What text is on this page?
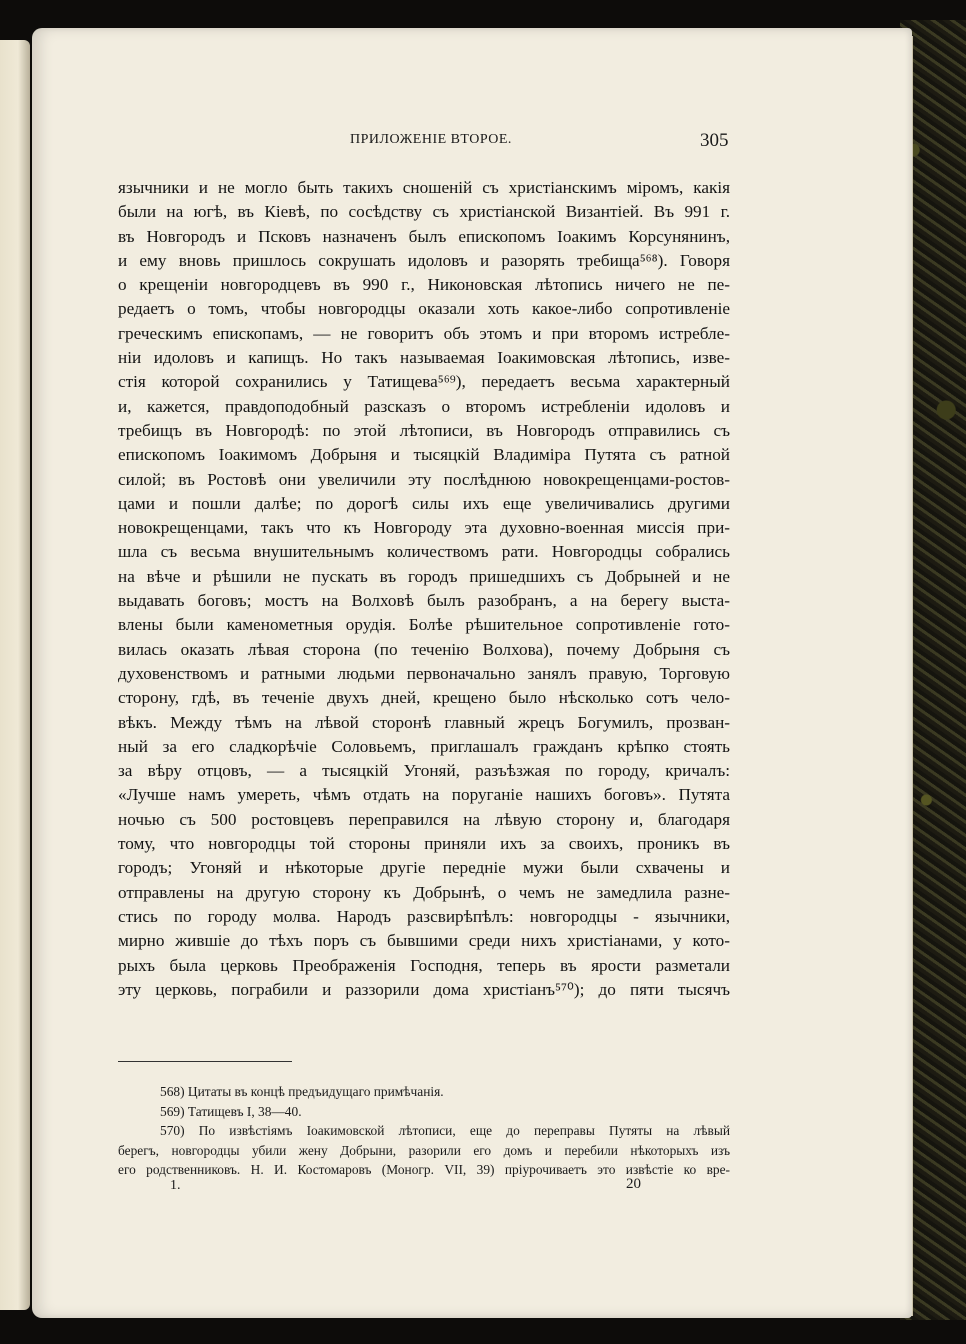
ПРИЛОЖЕНІЕ ВТОРОЕ.	305
язычники и не могло быть такихъ сношеній съ христіанскимъ міромъ, какія
были на югѣ, въ Кіевѣ, по сосѣдству съ христіанской Византіей. Въ 991 г.
въ Новгородъ и Псковъ назначенъ былъ епископомъ Іоакимъ Корсунянинъ,
и ему вновь пришлось сокрушать идоловъ и разорять требища⁵⁶⁸). Говоря
о крещеніи новгородцевъ въ 990 г., Никоновская лѣтопись ничего не пе-
редаетъ о томъ, чтобы новгородцы оказали хоть какое-либо сопротивленіе
греческимъ епископамъ, — не говоритъ объ этомъ и при второмъ истребле-
ніи идоловъ и капищъ. Но такъ называемая Іоакимовская лѣтопись, изве-
стія которой сохранились у Татищева⁵⁶⁹), передаетъ весьма характерный
и, кажется, правдоподобный разсказъ о второмъ истребленіи идоловъ и
требищъ въ Новгородѣ: по этой лѣтописи, въ Новгородъ отправились съ
епископомъ Іоакимомъ Добрыня и тысяцкій Владиміра Путята съ ратной
силой; въ Ростовѣ они увеличили эту послѣднюю новокрещенцами-ростов-
цами и пошли далѣе; по дорогѣ силы ихъ еще увеличивались другими
новокрещенцами, такъ что къ Новгороду эта духовно-военная миссія при-
шла съ весьма внушительнымъ количествомъ рати. Новгородцы собрались
на вѣче и рѣшили не пускать въ городъ пришедшихъ съ Добрыней и не
выдавать боговъ; мостъ на Волховѣ былъ разобранъ, а на берегу выста-
влены были каменометныя орудія. Болѣе рѣшительное сопротивленіе гото-
вилась оказать лѣвая сторона (по теченію Волхова), почему Добрыня съ
духовенствомъ и ратными людьми первоначально занялъ правую, Торговую
сторону, гдѣ, въ теченіе двухъ дней, крещено было нѣсколько сотъ чело-
вѣкъ. Между тѣмъ на лѣвой сторонѣ главный жрецъ Богумилъ, прозван-
ный за его сладкорѣчіе Соловьемъ, приглашалъ гражданъ крѣпко стоять
за вѣру отцовъ, — а тысяцкій Угоняй, разъѣзжая по городу, кричалъ:
«Лучше намъ умереть, чѣмъ отдать на поруганіе нашихъ боговъ». Путята
ночью съ 500 ростовцевъ переправился на лѣвую сторону и, благодаря
тому, что новгородцы той стороны приняли ихъ за своихъ, проникъ въ
городъ; Угоняй и нѣкоторые другіе передніе мужи были схвачены и
отправлены на другую сторону къ Добрынѣ, о чемъ не замедлила разне-
стись по городу молва. Народъ разсвирѣпѣлъ: новгородцы - язычники,
мирно жившіе до тѣхъ поръ съ бывшими среди нихъ христіанами, у кото-
рыхъ была церковь Преображенія Господня, теперь въ ярости разметали
эту церковь, пограбили и раззорили дома христіанъ⁵⁷⁰); до пяти тысячъ
568) Цитаты въ концѣ предъидущаго примѣчанія.
569) Татищевъ I, 38—40.
570) По извѣстіямъ Іоакимовской лѣтописи, еще до переправы Путяты на лѣвый
берегъ, новгородцы убили жену Добрыни, разорили его домъ и перебили нѣкоторыхъ изъ
его родственниковъ. Н. И. Костомаровъ (Моногр. VII, 39) пріурочиваетъ это извѣстіе ко вре-
1.	20
